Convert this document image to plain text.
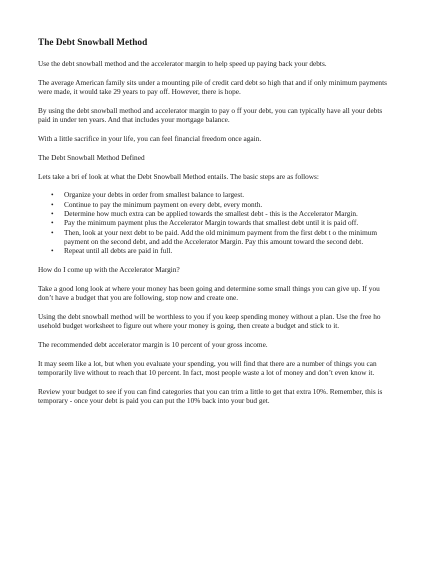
The Debt Snowball Method

Use the debt snowball method and the accelerator margin to help speed up paying back your debts.

The average American family sits under a mounting pile of credit card debt so high that and if only minimum payments were made, it would take 29 years to pay off. However, there is hope.

By using the debt snowball method and accelerator margin to pay o ff your debt, you can typically have all your debts paid in under ten years. And that includes your mortgage balance.

With a little sacrifice in your life, you can feel financial freedom once again.

The Debt Snowball Method Defined

Lets take a bri ef look at what the Debt Snowball Method entails. The basic steps are as follows:

• Organize your debts in order from smallest balance to largest.
• Continue to pay the minimum payment on every debt, every month.
• Determine how much extra can be applied towards the smallest debt - this is the Accelerator Margin.
• Pay the minimum payment plus the Accelerator Margin towards that smallest debt until it is paid off.
• Then, look at your next debt to be paid. Add the old minimum payment from the first debt t o the minimum payment on the second debt, and add the Accelerator Margin. Pay this amount toward the second debt.
• Repeat until all debts are paid in full.

How do I come up with the Accelerator Margin?

Take a good long look at where your money has been going and determine some small things you can give up. If you don’t have a budget that you are following, stop now and create one.

Using the debt snowball method will be worthless to you if you keep spending money without a plan. Use the free ho usehold budget worksheet to figure out where your money is going, then create a budget and stick to it.

The recommended debt accelerator margin is 10 percent of your gross income.

It may seem like a lot, but when you evaluate your spending, you will find that there are a number of things you can temporarily live without to reach that 10 percent. In fact, most people waste a lot of money and don’t even know it.

Review your budget to see if you can find categories that you can trim a little to get that extra 10%. Remember, this is temporary - once your debt is paid you can put the 10% back into your bud get.
